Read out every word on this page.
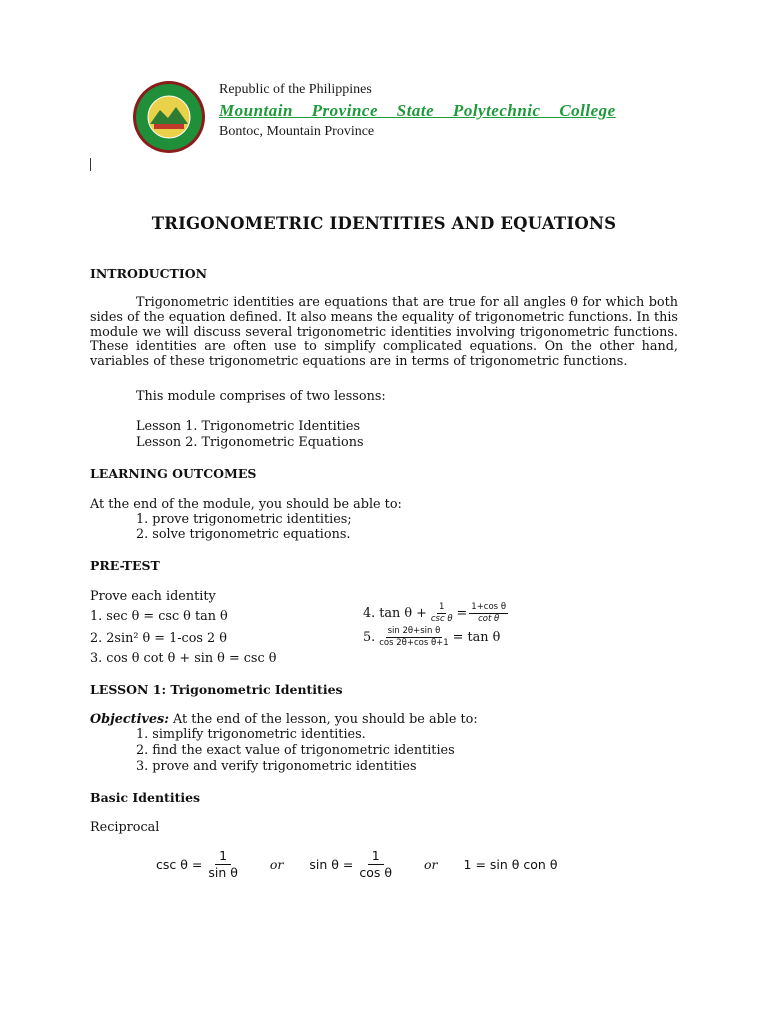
Republic of the Philippines
Mountain Province State Polytechnic College
Bontoc, Mountain Province
TRIGONOMETRIC IDENTITIES AND EQUATIONS
INTRODUCTION
Trigonometric identities are equations that are true for all angles θ for which both sides of the equation defined. It also means the equality of trigonometric functions. In this module we will discuss several trigonometric identities involving trigonometric functions. These identities are often use to simplify complicated equations. On the other hand, variables of these trigonometric equations are in terms of trigonometric functions.
This module comprises of two lessons:
Lesson 1. Trigonometric Identities
Lesson 2. Trigonometric Equations
LEARNING OUTCOMES
At the end of the module, you should be able to:
1. prove trigonometric identities;
2. solve trigonometric equations.
PRE-TEST
Prove each identity
1. sec θ = csc θ tan θ
2. 2sin² θ = 1-cos 2 θ
3. cos θ cot θ + sin θ = csc θ
4. $\tan \theta + \frac{1}{\text{csc θ}} = \frac{\text{1+cos θ}}{\text{cot θ}}$
5. $\frac{\text{sin 2θ+sin θ}}{\text{cos 2θ+cos θ+1}} = \tan \theta$
LESSON 1: Trigonometric Identities
Objectives: At the end of the lesson, you should be able to:
1. simplify trigonometric identities.
2. find the exact value of trigonometric identities
3. prove and verify trigonometric identities
Basic Identities
Reciprocal
$\csc \theta = \frac{1}{\text{sin θ}}$ or $\sin \theta = \frac{1}{\text{cos θ}}$ or 1 = sin θ con θ
